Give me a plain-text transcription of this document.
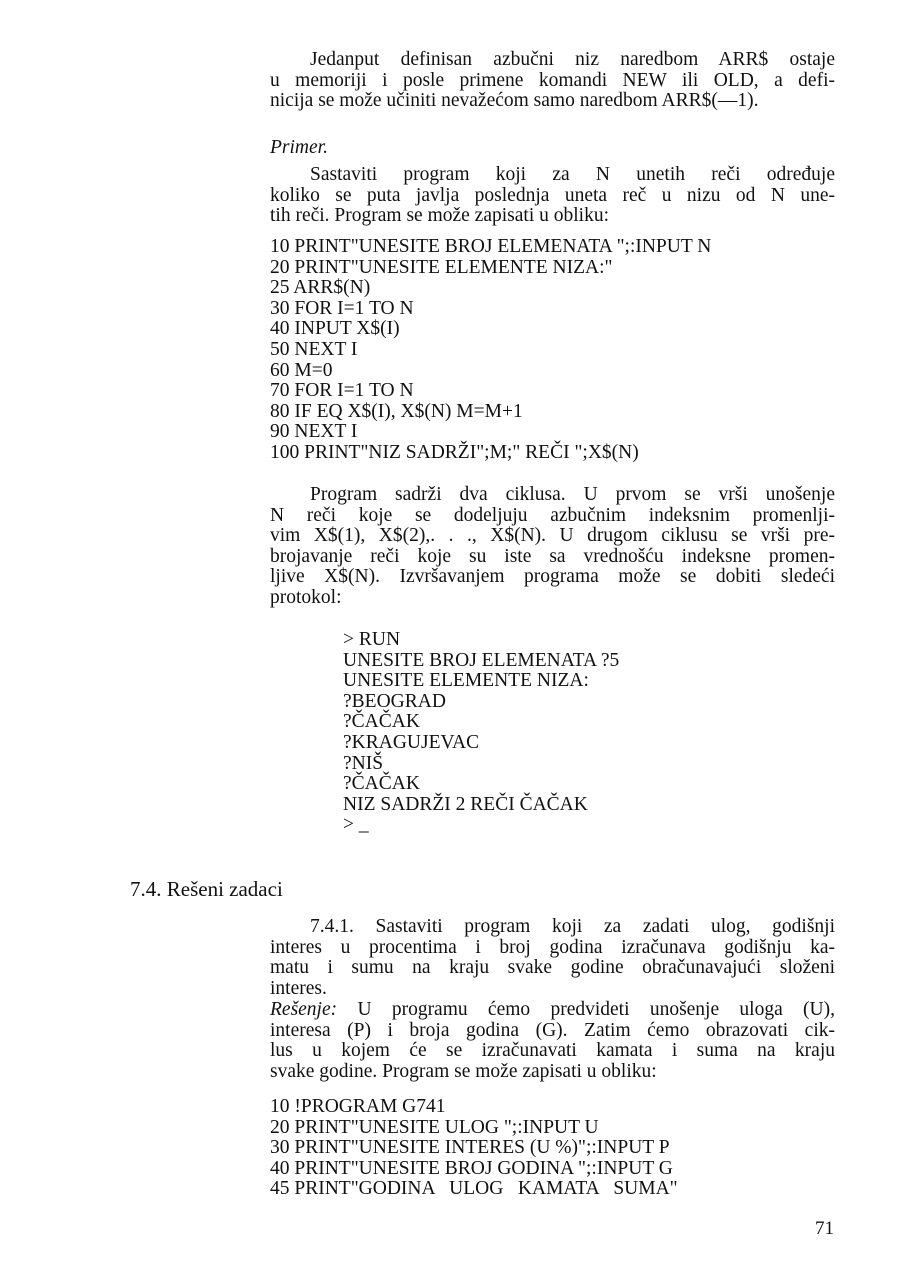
Jedanput definisan azbučni niz naredbom ARR$ ostaje
u memoriji i posle primene komandi NEW ili OLD, a defi-
nicija se može učiniti nevažećom samo naredbom ARR$(—1).
Primer.
Sastaviti program koji za N unetih reči određuje
koliko se puta javlja poslednja uneta reč u nizu od N une-
tih reči. Program se može zapisati u obliku:
10 PRINT"UNESITE BROJ ELEMENATA ";:INPUT N
20 PRINT"UNESITE ELEMENTE NIZA:"
25 ARR$(N)
30 FOR I=1 TO N
40 INPUT X$(I)
50 NEXT I
60 M=0
70 FOR I=1 TO N
80 IF EQ X$(I), X$(N) M=M+1
90 NEXT I
100 PRINT"NIZ SADRŽI";M;" REČI ";X$(N)
Program sadrži dva ciklusa. U prvom se vrši unošenje
N reči koje se dodeljuju azbučnim indeksnim promenlji-
vim X$(1), X$(2),. . ., X$(N). U drugom ciklusu se vrši pre-
brojavanje reči koje su iste sa vrednošću indeksne promen-
ljive X$(N). Izvršavanjem programa može se dobiti sledeći
protokol:
> RUN
UNESITE BROJ ELEMENATA ?5
UNESITE ELEMENTE NIZA:
?BEOGRAD
?ČAČAK
?KRAGUJEVAC
?NIŠ
?ČAČAK
NIZ SADRŽI 2 REČI ČAČAK
> _
7.4. Rešeni zadaci
7.4.1. Sastaviti program koji za zadati ulog, godišnji
interes u procentima i broj godina izračunava godišnju ka-
matu i sumu na kraju svake godine obračunavajući složeni
interes.
Rešenje: U programu ćemo predvideti unošenje uloga (U),
interesa (P) i broja godina (G). Zatim ćemo obrazovati cik-
lus u kojem će se izračunavati kamata i suma na kraju
svake godine. Program se može zapisati u obliku:
10 !PROGRAM G741
20 PRINT"UNESITE ULOG ";:INPUT U
30 PRINT"UNESITE INTERES (U %)";:INPUT P
40 PRINT"UNESITE BROJ GODINA ";:INPUT G
45 PRINT"GODINA   ULOG   KAMATA   SUMA"
71
